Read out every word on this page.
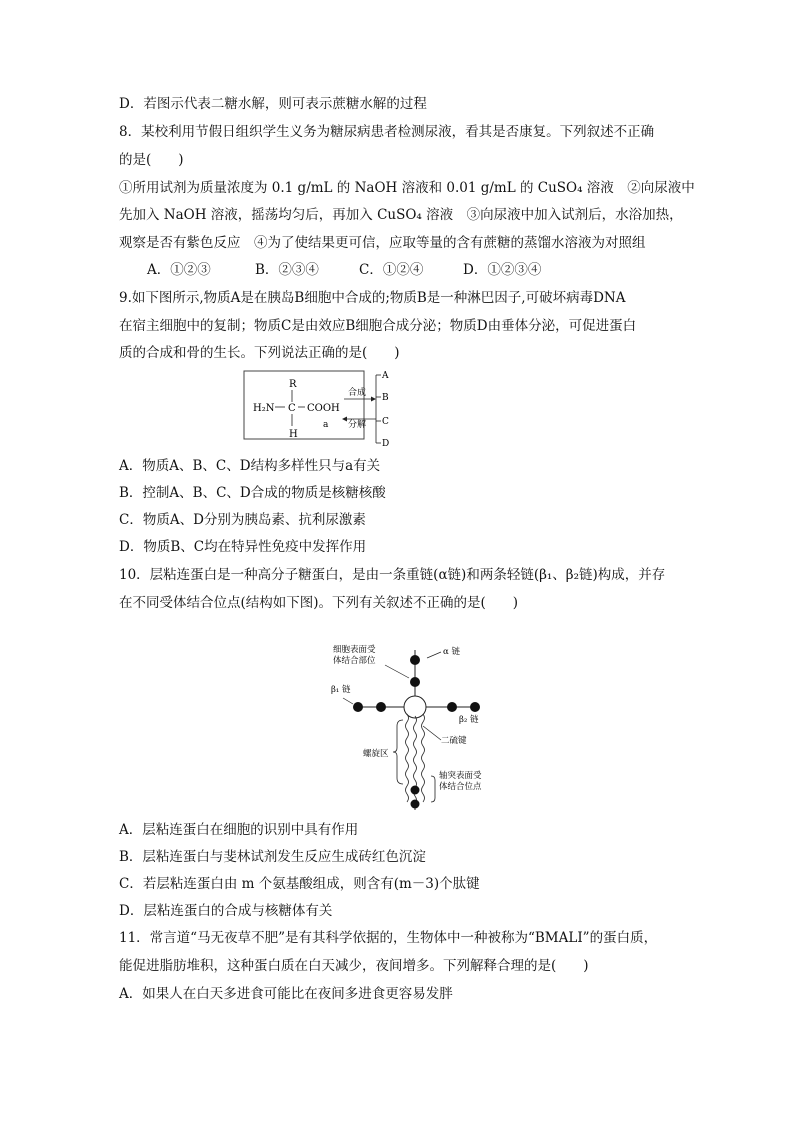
D．若图示代表二糖水解，则可表示蔗糖水解的过程
8．某校利用节假日组织学生义务为糖尿病患者检测尿液，看其是否康复。下列叙述不正确
的是(　　)
①所用试剂为质量浓度为 0.1 g/mL 的 NaOH 溶液和 0.01 g/mL 的 CuSO₄ 溶液　②向尿液中
先加入 NaOH 溶液，摇荡均匀后，再加入 CuSO₄ 溶液　③向尿液中加入试剂后，水浴加热，
观察是否有紫色反应　④为了使结果更可信，应取等量的含有蔗糖的蒸馏水溶液为对照组
A．①②③	B．②③④	C．①②④	D．①②③④
9.如下图所示,物质A是在胰岛B细胞中合成的;物质B是一种淋巴因子,可破坏病毒DNA
在宿主细胞中的复制；物质C是由效应B细胞合成分泌；物质D由垂体分泌，可促进蛋白
质的合成和骨的生长。下列说法正确的是(　　)
R
H₂N C COOH
H
a
合成
分解
A
B
C
D
A．物质A、B、C、D结构多样性只与a有关
B．控制A、B、C、D合成的物质是核糖核酸
C．物质A、D分别为胰岛素、抗利尿激素
D．物质B、C均在特异性免疫中发挥作用
10．层粘连蛋白是一种高分子糖蛋白，是由一条重链(α链)和两条轻链(β₁、β₂链)构成，并存
在不同受体结合位点(结构如下图)。下列有关叙述不正确的是(　　)
细胞表面受
体结合部位
α 链
β₁ 链
β₂ 链
螺旋区
二硫键
轴突表面受
体结合位点
A．层粘连蛋白在细胞的识别中具有作用
B．层粘连蛋白与斐林试剂发生反应生成砖红色沉淀
C．若层粘连蛋白由 m 个氨基酸组成，则含有(m－3)个肽键
D．层粘连蛋白的合成与核糖体有关
11．常言道“马无夜草不肥”是有其科学依据的，生物体中一种被称为“BMALI”的蛋白质，
能促进脂肪堆积，这种蛋白质在白天减少，夜间增多。下列解释合理的是(　　)
A．如果人在白天多进食可能比在夜间多进食更容易发胖
